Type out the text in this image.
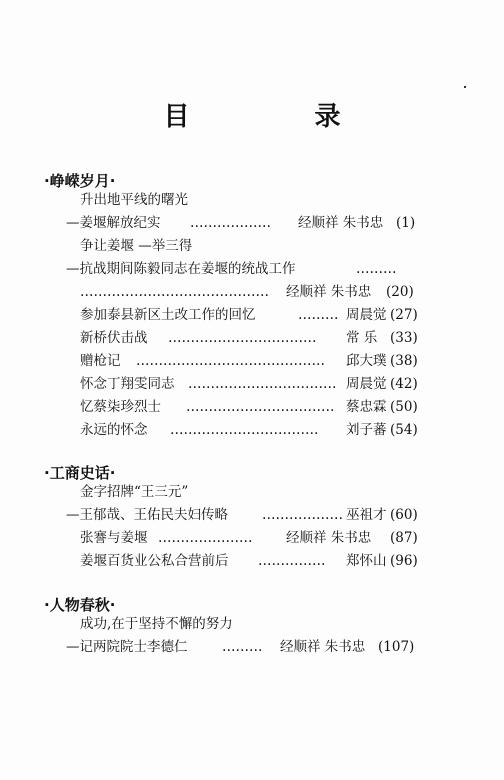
目 录
·峥嵘岁月·
升出地平线的曙光
—姜堰解放纪实 ……………… 经顺祥 朱书忠 (1)
争让姜堰 —举三得
—抗战期间陈毅同志在姜堰的统战工作	………
…………………………………… 经顺祥 朱书忠 (20)
参加泰县新区土改工作的回忆	……… 周晨觉 (27)
新桥伏击战 …………………………… 常 乐 (33)
赠枪记 …………………………………… 邱大璞 (38)
怀念丁翔雯同志 …………………………… 周晨觉 (42)
忆蔡柒珍烈士 …………………………… 蔡忠霖 (50)
永远的怀念 …………………………… 刘子蕃 (54)
·工商史话·
金字招牌“王三元”
—王郁哉、王佑民夫妇传略	……………… 巫祖才 (60)
张謇与姜堰 ………………… 经顺祥 朱书忠 (87)
姜堰百货业公私合营前后 …………… 郑怀山 (96)
·人物春秋·
成功,在于坚持不懈的努力
—记两院院士李德仁	……… 经顺祥 朱书忠 (107)
